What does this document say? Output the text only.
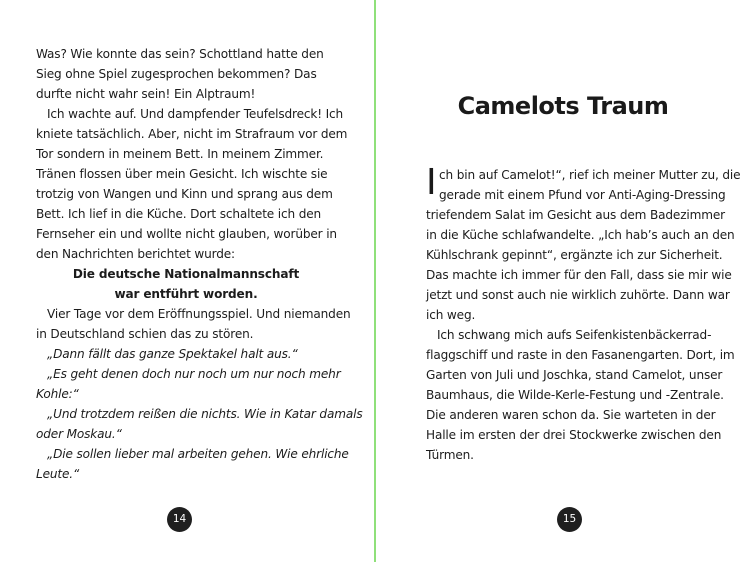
Was? Wie konnte das sein? Schottland hatte den
Sieg ohne Spiel zugesprochen bekommen? Das
durfte nicht wahr sein! Ein Alptraum!
Ich wachte auf. Und dampfender Teufelsdreck! Ich
kniete tatsächlich. Aber, nicht im Strafraum vor dem
Tor sondern in meinem Bett. In meinem Zimmer.
Tränen flossen über mein Gesicht. Ich wischte sie
trotzig von Wangen und Kinn und sprang aus dem
Bett. Ich lief in die Küche. Dort schaltete ich den
Fernseher ein und wollte nicht glauben, worüber in
den Nachrichten berichtet wurde:
Die deutsche Nationalmannschaft
war entführt worden.
Vier Tage vor dem Eröffnungsspiel. Und niemanden
in Deutschland schien das zu stören.
„Dann fällt das ganze Spektakel halt aus.“
„Es geht denen doch nur noch um nur noch mehr
Kohle:“
„Und trotzdem reißen die nichts. Wie in Katar damals
oder Moskau.“
„Die sollen lieber mal arbeiten gehen. Wie ehrliche
Leute.“
14
Camelots Traum
I ch bin auf Camelot!“, rief ich meiner Mutter zu, die
gerade mit einem Pfund vor Anti-Aging-Dressing
triefendem Salat im Gesicht aus dem Badezimmer
in die Küche schlafwandelte. „Ich hab’s auch an den
Kühlschrank gepinnt“, ergänzte ich zur Sicherheit.
Das machte ich immer für den Fall, dass sie mir wie
jetzt und sonst auch nie wirklich zuhörte. Dann war
ich weg.
Ich schwang mich aufs Seifenkistenbäckerrad-
flaggschiff und raste in den Fasanengarten. Dort, im
Garten von Juli und Joschka, stand Camelot, unser
Baumhaus, die Wilde-Kerle-Festung und -Zentrale.
Die anderen waren schon da. Sie warteten in der
Halle im ersten der drei Stockwerke zwischen den
Türmen.
15
